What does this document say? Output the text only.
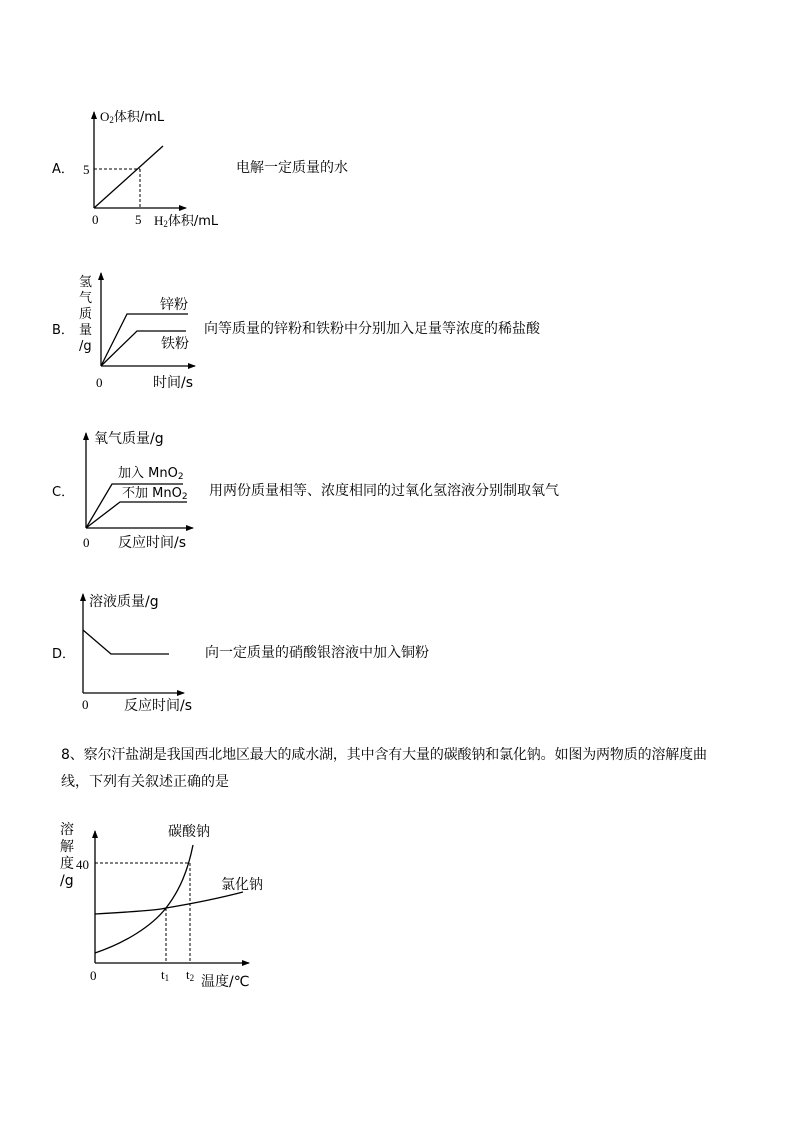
A．
$O_2$体积/mL
5
0	5 $H_2$体积/mL
电解一定质量的水
B．
氢
气
质
量
/g
锌粉
铁粉
0	时间/s
向等质量的锌粉和铁粉中分别加入足量等浓度的稀盐酸
C．
氧气质量/g
加入 MnO$_2$
不加 MnO$_2$
0 反应时间/s
用两份质量相等、浓度相同的过氧化氢溶液分别制取氧气
D．
溶液质量/g
0	反应时间/s
向一定质量的硝酸银溶液中加入铜粉
8、察尔汗盐湖是我国西北地区最大的咸水湖，其中含有大量的碳酸钠和氯化钠。如图为两物质的溶解度曲
线，下列有关叙述正确的是
溶
解
度
/g
碳酸钠
氯化钠
40
0	$t_1$ $t_2$ 温度/℃
